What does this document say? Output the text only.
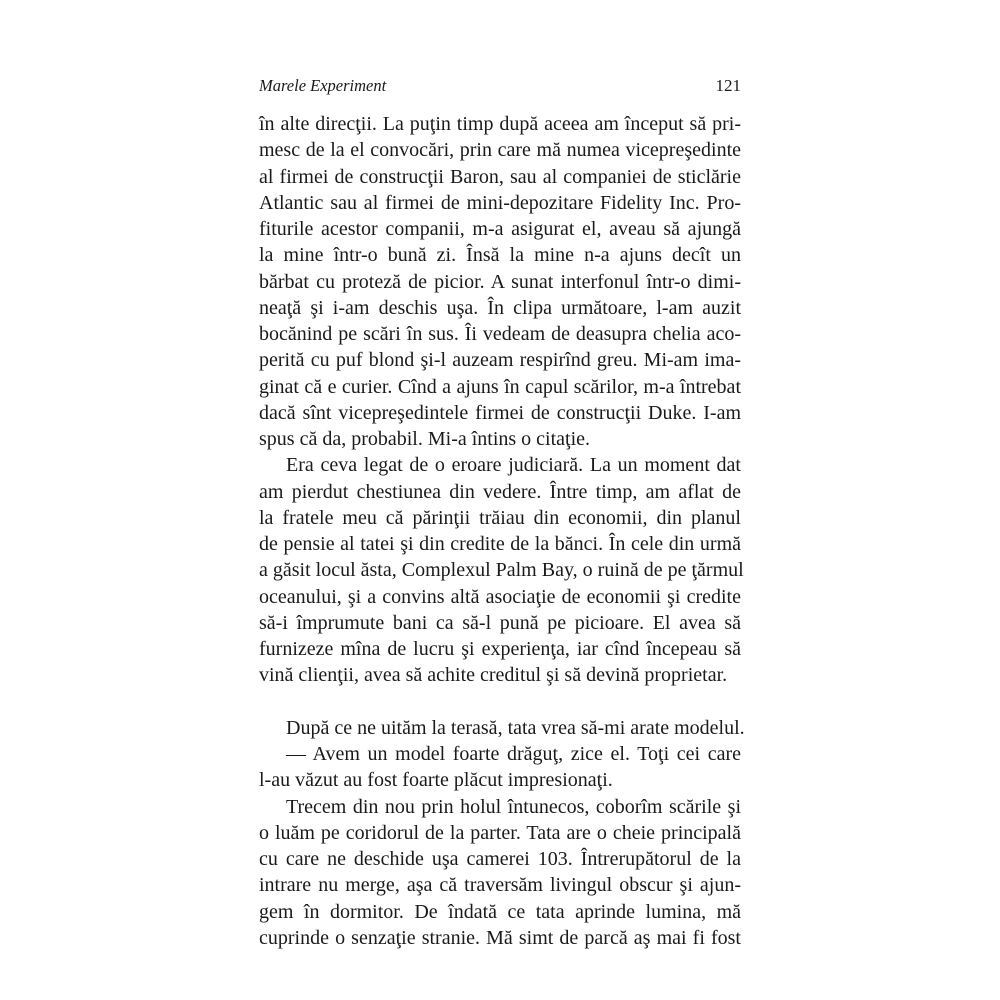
Marele Experiment	121
în alte direcţii. La puţin timp după aceea am început să pri-
mesc de la el convocări, prin care mă numea vicepreşedinte
al firmei de construcţii Baron, sau al companiei de sticlărie
Atlantic sau al firmei de mini-depozitare Fidelity Inc. Pro-
fiturile acestor companii, m-a asigurat el, aveau să ajungă
la mine într-o bună zi. Însă la mine n-a ajuns decît un
bărbat cu proteză de picior. A sunat interfonul într-o dimi-
neaţă şi i-am deschis uşa. În clipa următoare, l-am auzit
bocănind pe scări în sus. Îi vedeam de deasupra chelia aco-
perită cu puf blond şi-l auzeam respirînd greu. Mi-am ima-
ginat că e curier. Cînd a ajuns în capul scărilor, m-a întrebat
dacă sînt vicepreşedintele firmei de construcţii Duke. I-am
spus că da, probabil. Mi-a întins o citaţie.
Era ceva legat de o eroare judiciară. La un moment dat
am pierdut chestiunea din vedere. Între timp, am aflat de
la fratele meu că părinţii trăiau din economii, din planul
de pensie al tatei şi din credite de la bănci. În cele din urmă
a găsit locul ăsta, Complexul Palm Bay, o ruină de pe ţărmul
oceanului, şi a convins altă asociaţie de economii şi credite
să-i împrumute bani ca să-l pună pe picioare. El avea să
furnizeze mîna de lucru şi experienţa, iar cînd începeau să
vină clienţii, avea să achite creditul şi să devină proprietar.
După ce ne uităm la terasă, tata vrea să-mi arate modelul.
— Avem un model foarte drăguţ, zice el. Toţi cei care
l-au văzut au fost foarte plăcut impresionaţi.
Trecem din nou prin holul întunecos, coborîm scările şi
o luăm pe coridorul de la parter. Tata are o cheie principală
cu care ne deschide uşa camerei 103. Întrerupătorul de la
intrare nu merge, aşa că traversăm livingul obscur şi ajun-
gem în dormitor. De îndată ce tata aprinde lumina, mă
cuprinde o senzaţie stranie. Mă simt de parcă aş mai fi fost
